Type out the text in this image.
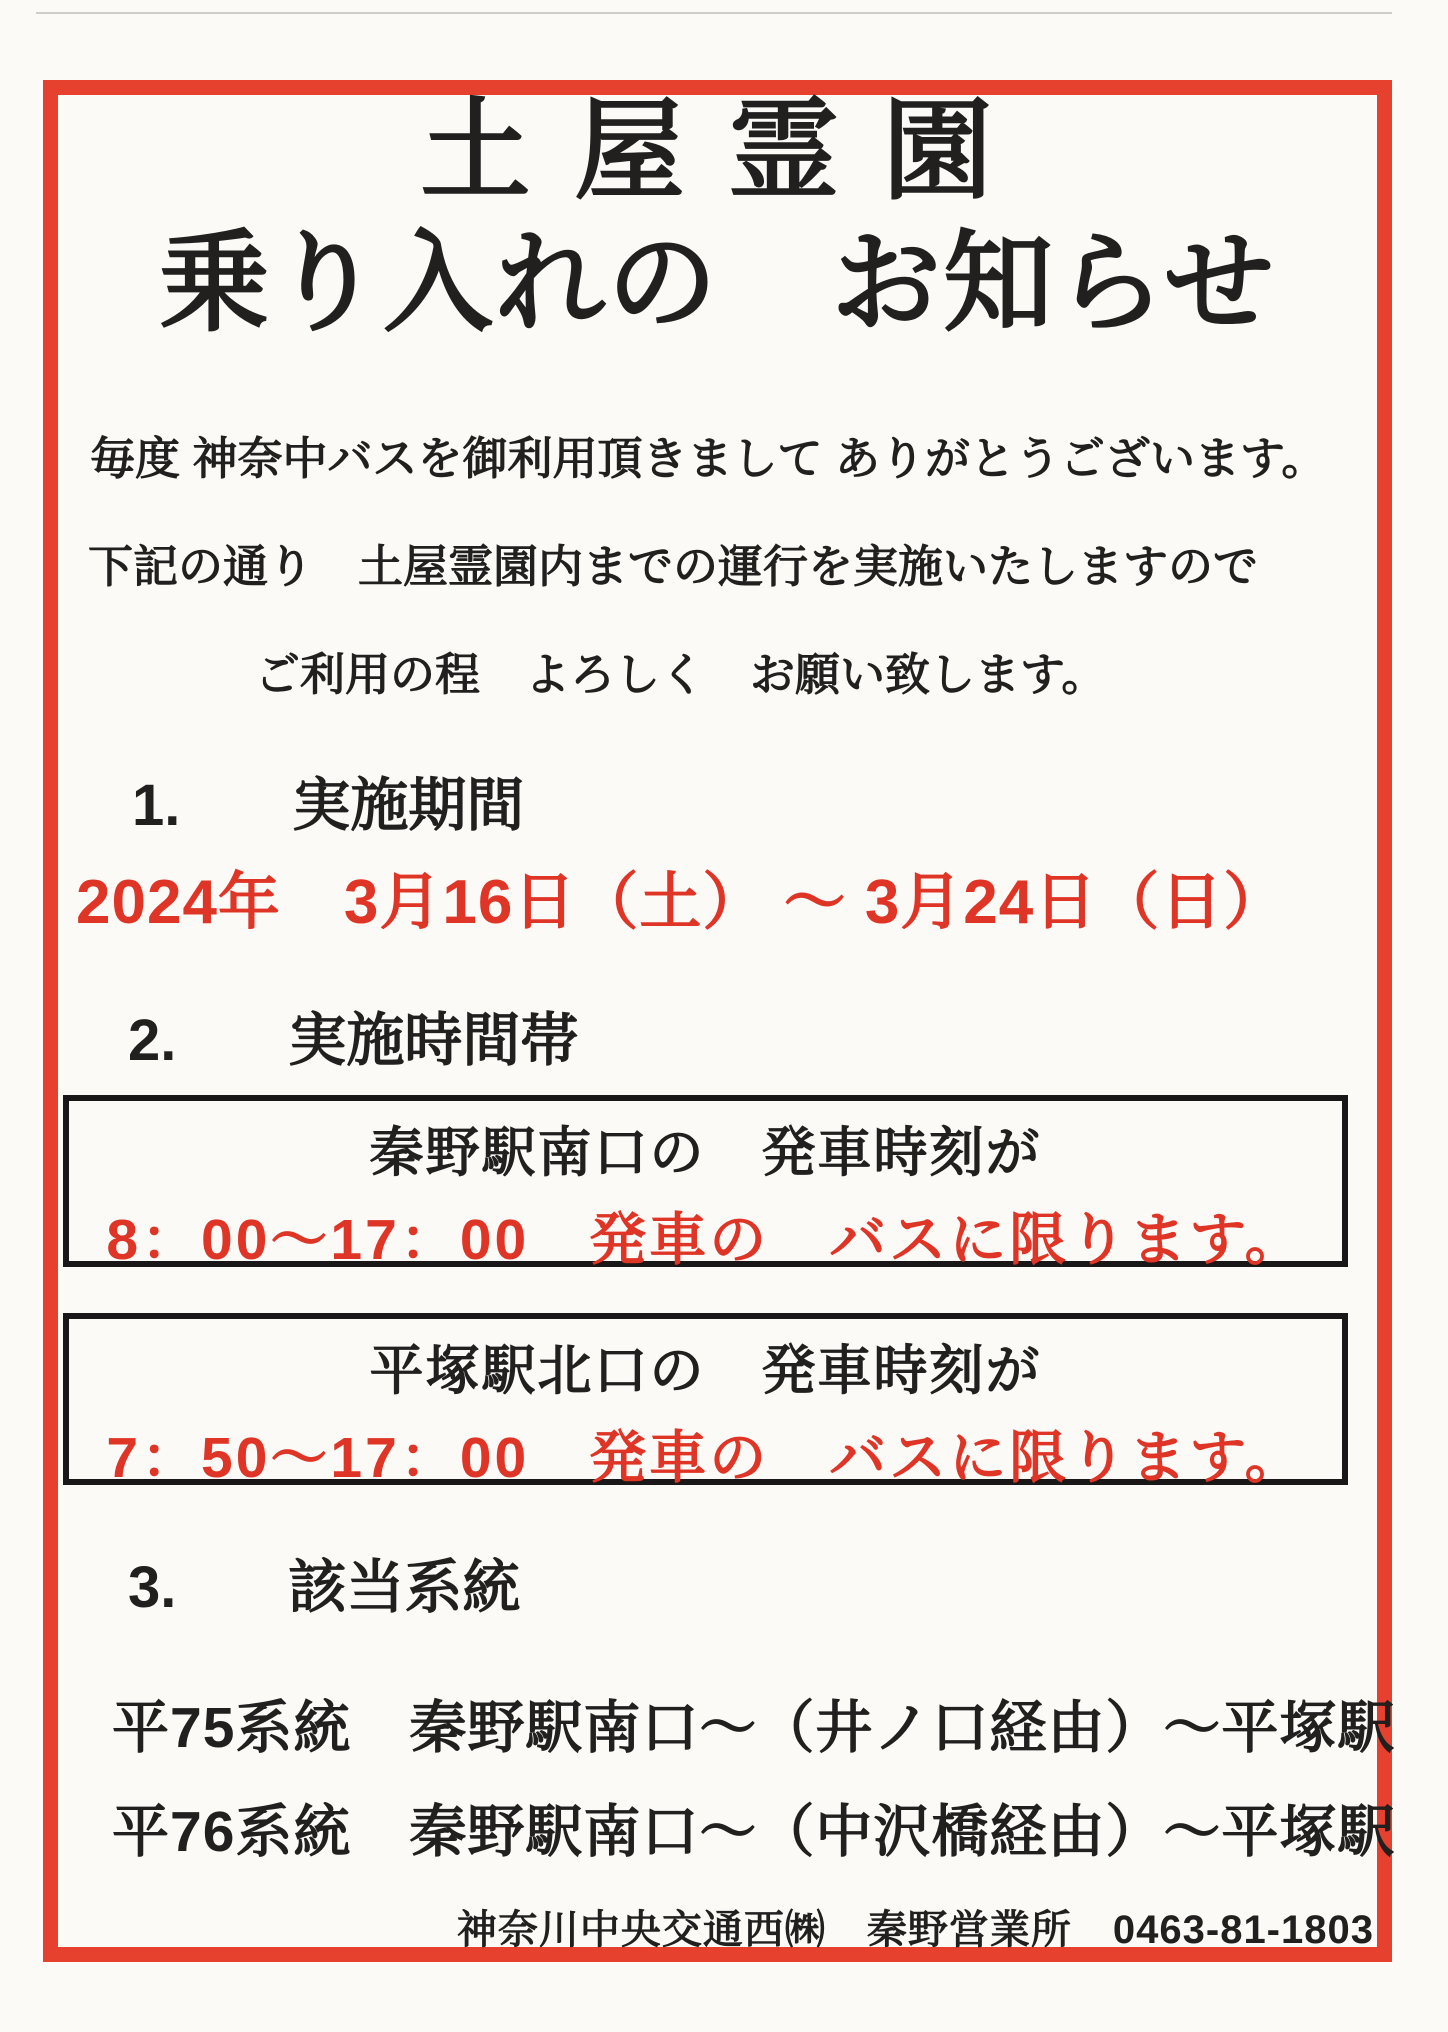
土屋霊園
乗り入れの　お知らせ

毎度 神奈中バスを御利用頂きまして ありがとうございます。

下記の通り　土屋霊園内までの運行を実施いたしますので

ご利用の程　よろしく　お願い致します。

1. 実施期間
2024年　3月16日（土） ～ 3月24日（日）
2. 実施時間帯
秦野駅南口の　発車時刻が
8：00～17：00　発車の　バスに限ります。
平塚駅北口の　発車時刻が
7：50～17：00　発車の　バスに限ります。
3. 該当系統
平75系統　秦野駅南口～（井ノ口経由）～平塚駅
平76系統　秦野駅南口～（中沢橋経由）～平塚駅
神奈川中央交通西㈱　秦野営業所　0463-81-1803
